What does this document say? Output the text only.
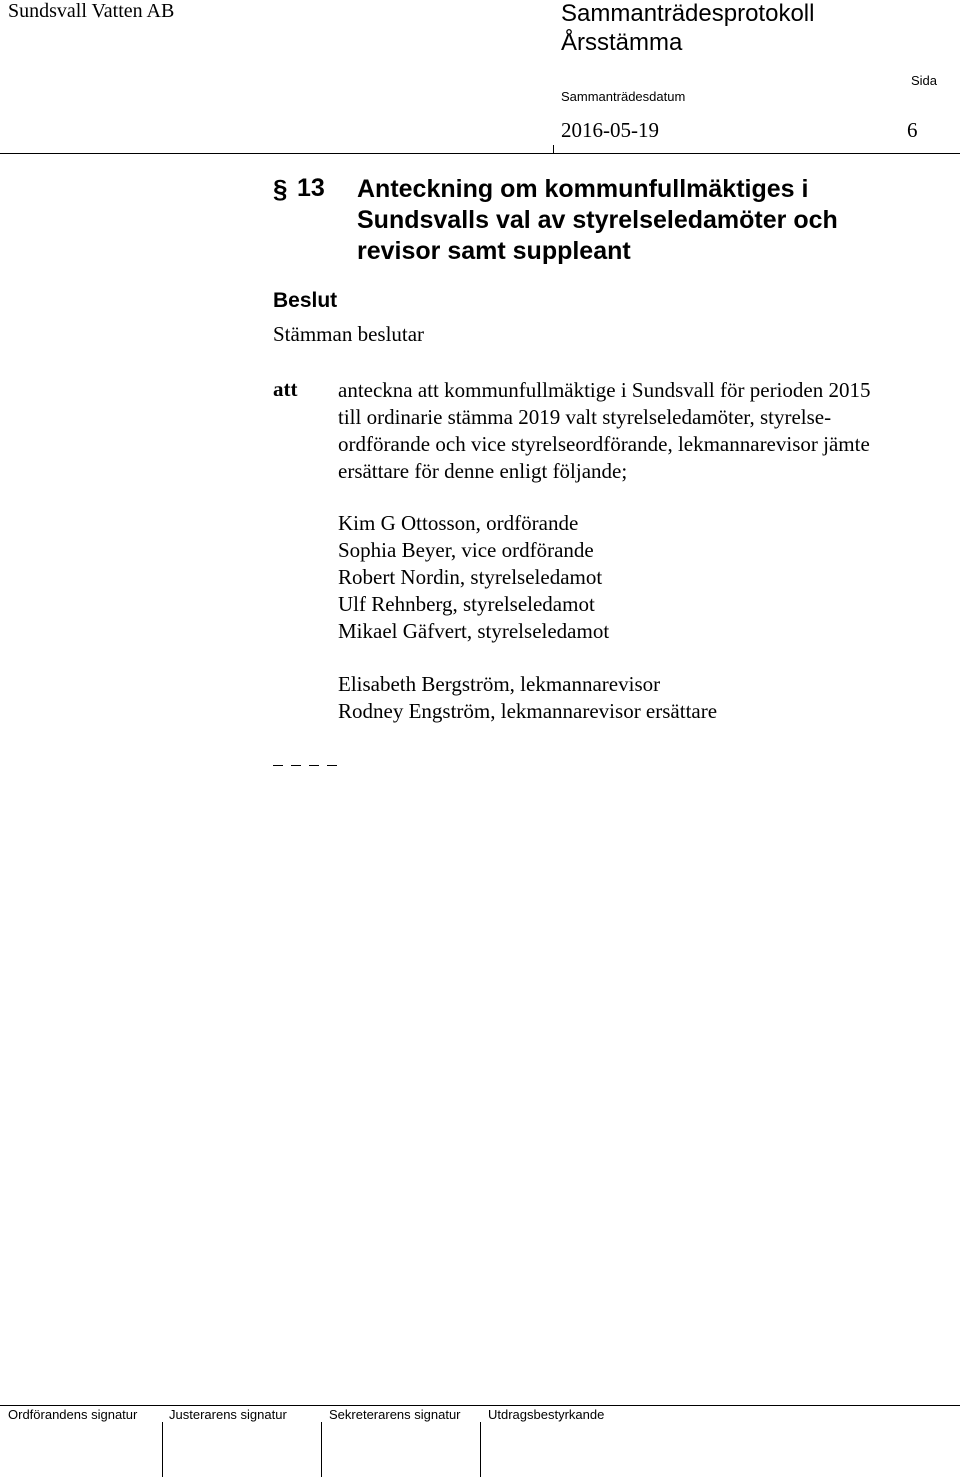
Sundsvall Vatten AB	Sammanträdesprotokoll
Årsstämma
Sammanträdesdatum
Sida
2016-05-19	6
§ 13 Anteckning om kommunfullmäktiges i
Sundsvalls val av styrelseledamöter och
revisor samt suppleant
Beslut
Stämman beslutar
att anteckna att kommunfullmäktige i Sundsvall för perioden 2015
till ordinarie stämma 2019 valt styrelseledamöter, styrelse-
ordförande och vice styrelseordförande, lekmannarevisor jämte
ersättare för denne enligt följande;
Kim G Ottosson, ordförande
Sophia Beyer, vice ordförande
Robert Nordin, styrelseledamot
Ulf Rehnberg, styrelseledamot
Mikael Gäfvert, styrelseledamot
Elisabeth Bergström, lekmannarevisor
Rodney Engström, lekmannarevisor ersättare
Ordförandens signatur Justerarens signatur	Sekreterarens signatur Utdragsbestyrkande
